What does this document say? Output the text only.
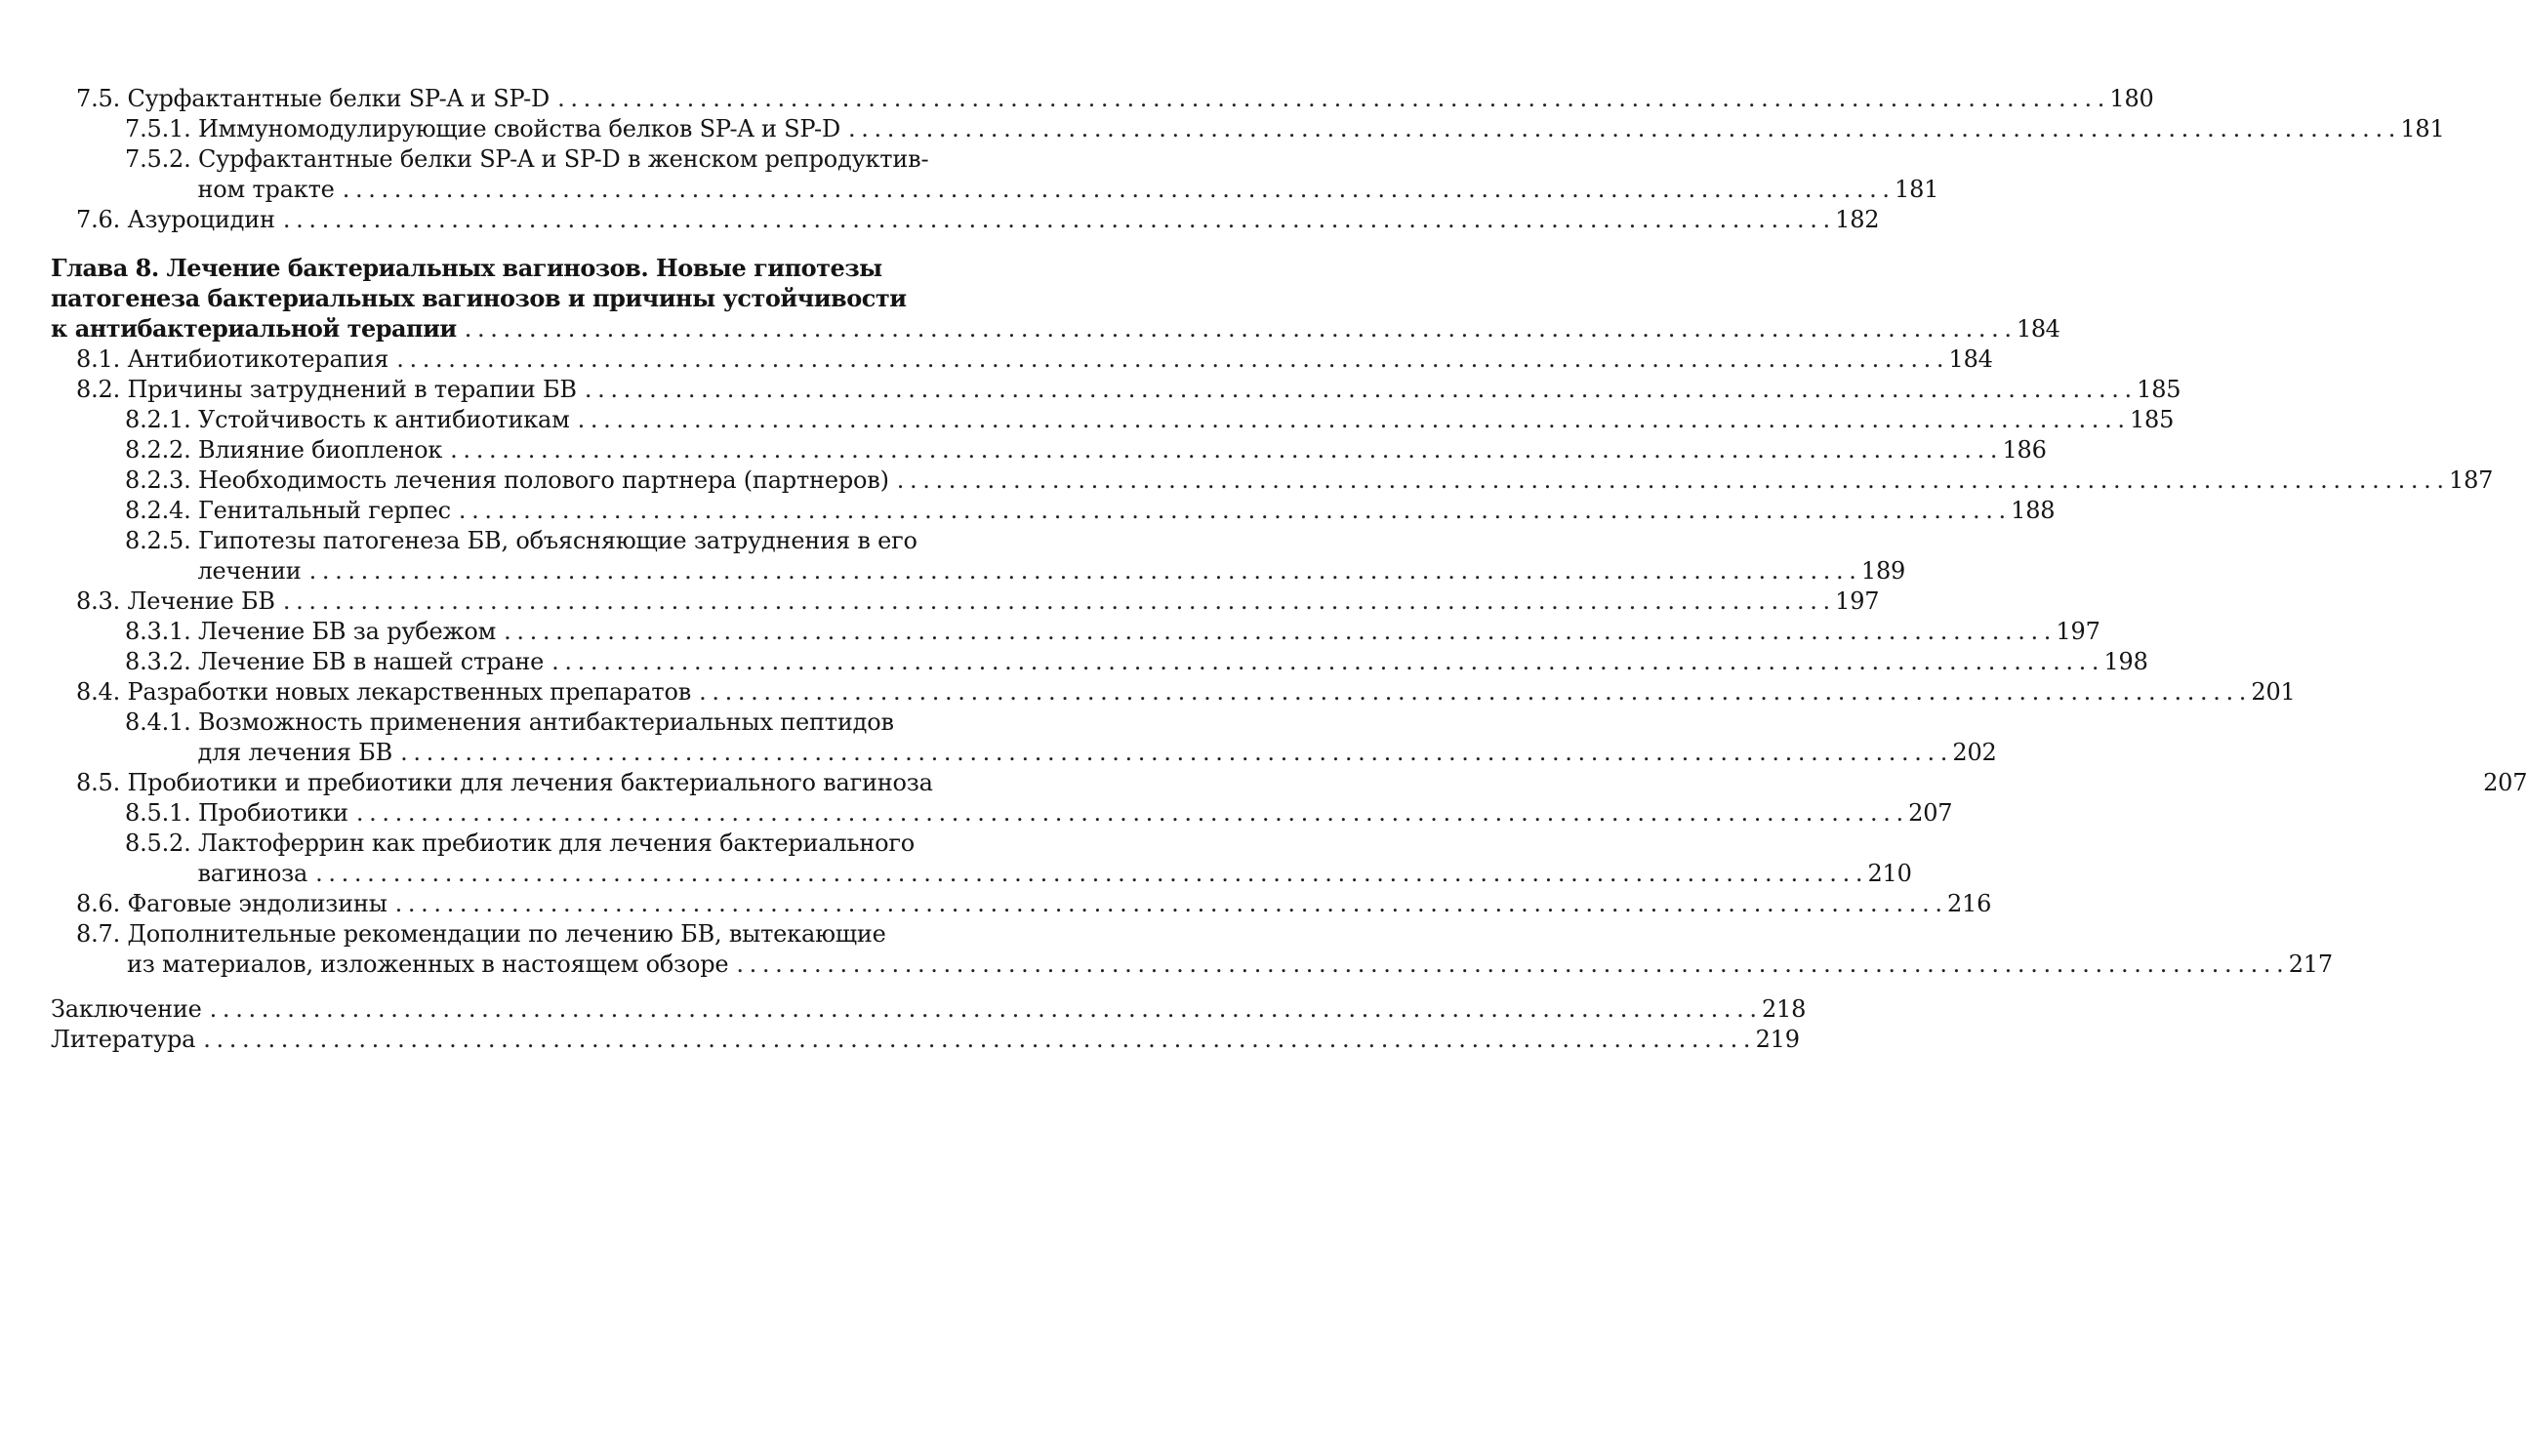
7.5. Сурфактантные белки SP-A и SP-D . . .	180
7.5.1. Иммуномодулирующие свойства белков SP-A и SP-D . . .	181
7.5.2. Сурфактантные белки SP-A и SP-D в женском репродуктив-
ном тракте . . .	181
7.6. Азуроцидин . . .	182
Глава 8. Лечение бактериальных вагинозов. Новые гипотезы
патогенеза бактериальных вагинозов и причины устойчивости
к антибактериальной терапии . . .	184
8.1. Антибиотикотерапия . . .	184
8.2. Причины затруднений в терапии БВ . . .	185
8.2.1. Устойчивость к антибиотикам . . .	185
8.2.2. Влияние биопленок . . .	186
8.2.3. Необходимость лечения полового партнера (партнеров) . . .	187
8.2.4. Генитальный герпес . . .	188
8.2.5. Гипотезы патогенеза БВ, объясняющие затруднения в его
лечении . . .	189
8.3. Лечение БВ . . .	197
8.3.1. Лечение БВ за рубежом . . .	197
8.3.2. Лечение БВ в нашей стране . . .	198
8.4. Разработки новых лекарственных препаратов . . .	201
8.4.1. Возможность применения антибактериальных пептидов
для лечения БВ . . .	202
8.5. Пробиотики и пребиотики для лечения бактериального вагиноза	207
8.5.1. Пробиотики . . .	207
8.5.2. Лактоферрин как пребиотик для лечения бактериального
вагиноза . . .	210
8.6. Фаговые эндолизины . . .	216
8.7. Дополнительные рекомендации по лечению БВ, вытекающие
из материалов, изложенных в настоящем обзоре . . .	217
Заключение . . .	218
Литература . . .	219
